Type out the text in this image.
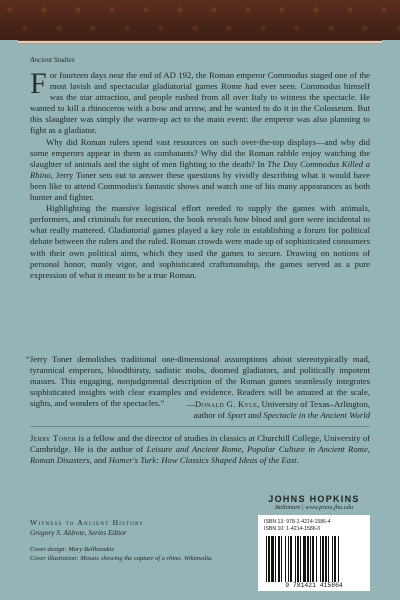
Ancient Studies

For fourteen days near the end of AD 192, the Roman emperor Commodus staged one of the most lavish and spectacular gladiatorial games Rome had ever seen. Commodus himself was the star attraction, and people rushed from all over Italy to witness the spectacle. He wanted to kill a rhinoceros with a bow and arrow, and he wanted to do it in the Colosseum. But this slaughter was simply the warm-up act to the main event: the emperor was also planning to fight as a gladiator.

Why did Roman rulers spend vast resources on such over-the-top displays—and why did some emperors appear in them as combatants? Why did the Roman rabble enjoy watching the slaughter of animals and the sight of men fighting to the death? In The Day Commodus Killed a Rhino, Jerry Toner sets out to answer these questions by vividly describing what it would have been like to attend Commodus's fantastic shows and watch one of his many appearances as both hunter and fighter.

Highlighting the massive logistical effort needed to supply the games with animals, performers, and criminals for execution, the book reveals how blood and gore were incidental to what really mattered. Gladiatorial games played a key role in establishing a forum for political debate between the rulers and the ruled. Roman crowds were made up of sophisticated consumers with their own political aims, which they used the games to secure. Drawing on notions of personal honor, manly vigor, and sophisticated craftsmanship, the games served as a pure expression of what it meant to be a true Roman.

“Jerry Toner demolishes traditional one-dimensional assumptions about stereotypically mad, tyrannical emperors, bloodthirsty, sadistic mobs, doomed gladiators, and politically impotent masses. This engaging, nonjudgmental description of the Roman games seamlessly integrates sophisticated insights with clear examples and evidence. Readers will be amazed at the scale, sights, and wonders of the spectacles.”	—Donald G. Kyle, University of Texas–Arlington,
author of Sport and Spectacle in the Ancient World
Jerry Toner is a fellow and the director of studies in classics at Churchill College, University of Cambridge. He is the author of Leisure and Ancient Rome, Popular Culture in Ancient Rome, Roman Disasters, and Homer's Turk: How Classics Shaped Ideas of the East.
Witness to Ancient History
Gregory S. Aldrete, Series Editor
Cover design: Mary Belibasakis
Cover illustration: Mosaic showing the capture of a rhino. Wikimedia.
JOHNS HOPKINS
Baltimore | www.press.jhu.edu
ISBN 13: 978-1-4214-1586-4
ISBN 10: 1-4214-1586-0
9 781421 415864
